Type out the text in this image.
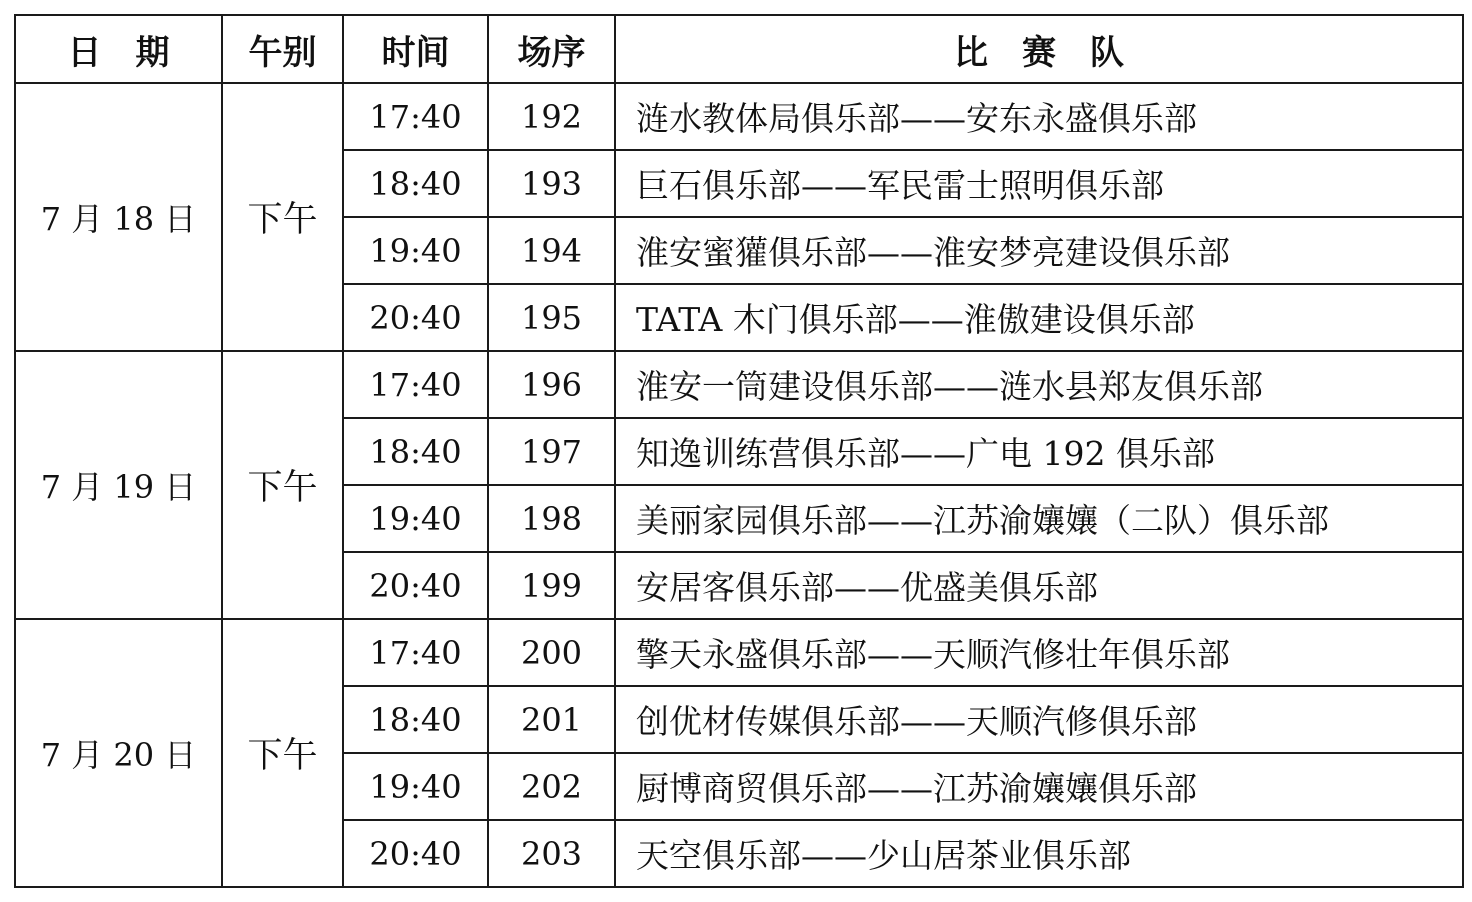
日　期	午别	时间	场序	比　赛　队
7 月 18 日	下午	17:40	192	涟水教体局俱乐部——安东永盛俱乐部
		18:40	193	巨石俱乐部——军民雷士照明俱乐部
		19:40	194	淮安蜜獾俱乐部——淮安梦亮建设俱乐部
		20:40	195	TATA 木门俱乐部——淮傲建设俱乐部
7 月 19 日	下午	17:40	196	淮安一筒建设俱乐部——涟水县郑友俱乐部
		18:40	197	知逸训练营俱乐部——广电 192 俱乐部
		19:40	198	美丽家园俱乐部——江苏渝孃孃（二队）俱乐部
		20:40	199	安居客俱乐部——优盛美俱乐部
7 月 20 日	下午	17:40	200	擎天永盛俱乐部——天顺汽修壮年俱乐部
		18:40	201	创优材传媒俱乐部——天顺汽修俱乐部
		19:40	202	厨博商贸俱乐部——江苏渝孃孃俱乐部
		20:40	203	天空俱乐部——少山居茶业俱乐部
